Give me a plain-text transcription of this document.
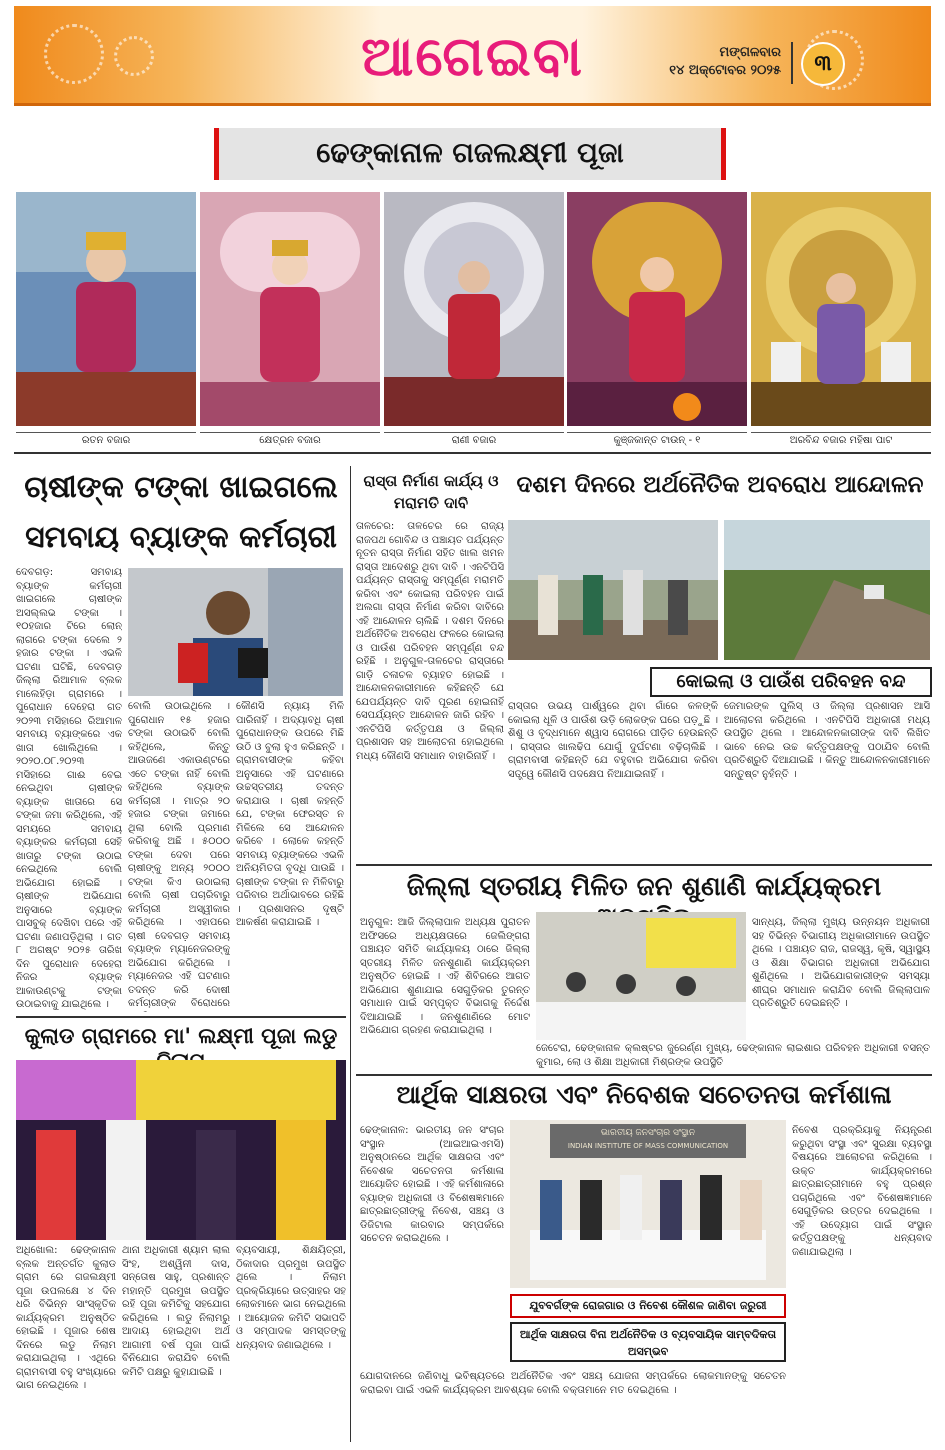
ଆଗେଇବା	ମଙ୍ଗଳବାର
୧୪ ଅକ୍ଟୋବର ୨୦୨୫	୩
ଢେଙ୍କାନାଳ ଗଜଲକ୍ଷ୍ମୀ ପୂଜା
ରତନ ବଜାର	କ୍ଷେତ୍ରନ ବଜାର	ରାଣୀ ବଜାର	କୁଞ୍ଜକାନ୍ତ ଟାଉନ୍ - ୧	ଅରବିନ୍ଦ ବଜାର ମହିଷା ପାଟ
ଚାଷୀଙ୍କ ଟଙ୍କା ଖାଇଗଲେ
ସମବାୟ ବ୍ୟାଙ୍କ କର୍ମଚାରୀ
ଦେବଗଡ଼: ସମବାୟ ବ୍ୟାଙ୍କ କର୍ମଚାରୀ ଖାଇଗଲେ ଚାଷୀଙ୍କ ଅସଲ୍ଲଭ ଟଙ୍କା । ୧୦ହଜାର ଟିରେ ଲୋନ୍ ଲାଗରେ ଟଙ୍କା ଦେଲେ ୨ ହଜାର ଟଙ୍କା । ଏଭଳି ଘଟଣା ଘଟିଛି, ଦେବଗଡ଼ ଜିଲ୍ଲା ରିଆମାଳ ବ୍ଲକ ମାଲେହିଡ଼ା ଗ୍ରାମରେ । ପୁରୋଧାନ ଦେହେରା ଗତ ୨୦୨୩ ମସିହାରେ ରିଆମାଳ ସମବାୟ ବ୍ୟାଙ୍କରେ ଏକ ଖାତା ଖୋଲିଥିଲେ । ୨୦୨୦.୦୮.୨୦୨୩ ମସିହାରେ ଗାଈ ବେଇ ନେଇଥିବା ଚାଷୀଙ୍କ ବ୍ୟାଙ୍କ ଖାତାରେ ସେ ଟଙ୍କା ଜମା କରିଥିଲେ, ଏହି ସମୟରେ ସମବାୟ ବ୍ୟାଙ୍କର କର୍ମଚାରୀ ସେହି ଖାତାରୁ ଟଙ୍କା ଉଠାଇ ନେଇଥିଲେ ବୋଲି ଅଭିଯୋଗ ହୋଇଛି । ଚାଷୀଙ୍କ ଅଭିଯୋଗ ଅନୁସାରେ ବ୍ୟାଙ୍କ ପାସବୁକ୍ ଦେଖିବା ପରେ ଏହି ଘଟଣା ଜଣାପଡ଼ିଥିଲା । ଗତ ୮ ଅଗଷ୍ଟ ୨୦୨୫ ତାରିଖ ଦିନ ପୁରୋଧାନ ଦେହେରା ନିଜର ବ୍ୟାଙ୍କ ଆକାଉଣ୍ଟକୁ ଟଙ୍କା ଉଠାଇବାକୁ ଯାଇଥିଲେ ।
ବୋଲି ଉଠାଇଥିଲେ । ପୁରୋଧାନ ୧୫ ହଜାର ଟଙ୍କା ଉଠାଇବି ବୋଲି କହିଥିଲେ, କିନ୍ତୁ ଆଉଜଣେ ଏକାଉଣ୍ଟରେ ଏତେ ଟଙ୍କା ନାହିଁ ବୋଲି କହିଥିଲେ ବ୍ୟାଙ୍କ କର୍ମଚାରୀ । ମାତ୍ର ୨୦ ହଜାର ଟଙ୍କା ଜମାରେ ଥିଲା ବୋଲି ପ୍ରମାଣ କରିବାକୁ ଅଛି । ୫୦୦୦ ଟଙ୍କା ଦେବା ପରେ ଚାଷୀଙ୍କୁ ଅନ୍ୟ ୨୦୦୦ ଟଙ୍କା କିଏ ଉଠାଇଲା ବୋଲି ଚାଷୀ ପଚାରିବାରୁ କର୍ମଚାରୀ ଅସ୍ୱୀକାର କରିଥିଲେ । ଏହାପରେ ଚାଷୀ ଦେବଗଡ଼ ସମବାୟ ବ୍ୟାଙ୍କ ମ୍ୟାନେଜରଙ୍କୁ ଅଭିଯୋଗ କରିଥିଲେ । ମ୍ୟାନେଜର ଏହି ଘଟଣାର ତଦନ୍ତ କରି ଦୋଷୀ କର୍ମଚାରୀଙ୍କ ବିରୋଧରେ
କୌଣସି ନ୍ୟାୟ ମିଳି ପାରିନାହିଁ । ଅଦ୍ୟାବଧି ଚାଷୀ ପୁରୋଧାନଙ୍କ ଉପରେ ମିଛି ଉଠି ଓ ବୁଲା ହୁଏ କରିଛନ୍ତି । ଗ୍ରାମବାସୀଙ୍କ କହିବା ଅନୁସାରେ ଏହି ଘଟଣାରେ ଉଚ୍ଚସ୍ତରୀୟ ତଦନ୍ତ କରାଯାଉ । ଚାଷୀ କହନ୍ତି ଯେ, ଟଙ୍କା ଫେରସ୍ତ ନ ମିଳିଲେ ସେ ଆନ୍ଦୋଳନ କରିବେ । ଲୋକେ କହନ୍ତି ସମବାୟ ବ୍ୟାଙ୍କରେ ଏଭଳି ଅନିୟମିତତା ବୃଦ୍ଧି ପାଉଛି । ଚାଷୀଙ୍କ ଟଙ୍କା ନ ମିଳିବାରୁ ପରିବାର ଅର୍ଥାଭାବରେ ରହିଛି । ପ୍ରଶାସନର ଦୃଷ୍ଟି ଆକର୍ଷଣ କରାଯାଇଛି ।
ରାସ୍ତା ନିର୍ମାଣ କାର୍ଯ୍ୟ ଓ ମରାମତି ଦାବି
ତାଳଚେର: ତାଳଚେର ରେ ରାଜ୍ୟ ରାଜପଥ ଗୋବିନ୍ଦ ଓ ପଞ୍ଚାୟତ ପର୍ଯ୍ୟନ୍ତ ନୂତନ ରାସ୍ତା ନିର୍ମାଣ ସହିତ ଖାଲ ଖମନ ରାସ୍ତା ଆଦେଶରୁ ଥିବା ଦାବି । ଏନଟିପିସି ପର୍ଯ୍ୟନ୍ତ ରାସ୍ତାକୁ ସମ୍ପୂର୍ଣ୍ଣ ମରାମତି କରିବା ଏବଂ କୋଇଲା ପରିବହନ ପାଇଁ ଅଲଗା ରାସ୍ତା ନିର୍ମାଣ କରିବା ଦାବିରେ ଏହି ଆନ୍ଦୋଳନ ଚାଲିଛି । ଦଶମ ଦିନରେ ଅର୍ଥନୈତିକ ଅବରୋଧ ଫଳରେ କୋଇଲା ଓ ପାଉଁଶ ପରିବହନ ସମ୍ପୂର୍ଣ୍ଣ ବନ୍ଦ ରହିଛି । ଅନୁଗୁଳ-ତାଳଚେର ରାସ୍ତାରେ ଗାଡ଼ି ଚଳାଚଳ ବ୍ୟାହତ ହୋଇଛି । ଆନ୍ଦୋଳନକାରୀମାନେ କହିଛନ୍ତି ଯେ ଯେପର୍ଯ୍ୟନ୍ତ ଦାବି ପୂରଣ ହୋଇନାହିଁ ସେପର୍ଯ୍ୟନ୍ତ ଆନ୍ଦୋଳନ ଜାରି ରହିବ । ଏନଟିପିସି କର୍ତ୍ତୃପକ୍ଷ ଓ ଜିଲ୍ଲା ପ୍ରଶାସନ ସହ ଆଲୋଚନା ହୋଇଥିଲେ ମଧ୍ୟ କୌଣସି ସମାଧାନ ବାହାରିନାହିଁ ।
ଦଶମ ଦିନରେ ଅର୍ଥନୈତିକ ଅବରୋଧ ଆନ୍ଦୋଳନ
କୋଇଲା ଓ ପାଉଁଶ ପରିବହନ ବନ୍ଦ
ରାସ୍ତାର ଉଭୟ ପାର୍ଶ୍ୱରେ ଥିବା ଗାଁରେ କଳଙ୍କି କୋଇଲା ଧୂଳି ଓ ପାଉଁଶ ଉଡ଼ି ଲୋକଙ୍କ ଘରେ ପଡ଼ୁଛି । ଶିଶୁ ଓ ବୃଦ୍ଧମାନେ ଶ୍ୱାସ ରୋଗରେ ପୀଡ଼ିତ ହେଉଛନ୍ତି । ରାସ୍ତାର ଖାଲଢିପ ଯୋଗୁଁ ଦୁର୍ଘଟଣା ବଢ଼ିଚାଲିଛି । ଗ୍ରାମବାସୀ କହିଛନ୍ତି ଯେ ବହୁବାର ଅଭିଯୋଗ କରିବା ସତ୍ତ୍ୱେ କୌଣସି ପଦକ୍ଷେପ ନିଆଯାଇନାହିଁ ।
ଜେମାରଙ୍କ ପୁଲିସ୍ ଓ ଜିଲ୍ଲା ପ୍ରଶାସନ ଆସି ଆଲୋଚନା କରିଥିଲେ । ଏନଟିପିସି ଅଧିକାରୀ ମଧ୍ୟ ଉପସ୍ଥିତ ଥିଲେ । ଆନ୍ଦୋଳନକାରୀଙ୍କ ଦାବି ଲିଖିତ ଭାବେ ନେଇ ଉଚ୍ଚ କର୍ତ୍ତୃପକ୍ଷଙ୍କୁ ପଠାଯିବ ବୋଲି ପ୍ରତିଶ୍ରୁତି ଦିଆଯାଇଛି । କିନ୍ତୁ ଆନ୍ଦୋଳନକାରୀମାନେ ସନ୍ତୁଷ୍ଟ ନୁହଁନ୍ତି ।
ଜିଲ୍ଲା ସ୍ତରୀୟ ମିଳିତ ଜନ ଶୁଣାଣି କାର୍ଯ୍ୟକ୍ରମ
ଅନୁଗୁଳ: ଆଜି ଜିଲ୍ଲାପାଳ ଅଧ୍ୟକ୍ଷ ପୁରାତନ ଅଫିସରେ ଅଧ୍ୟକ୍ଷତାରେ ଜେଲିଙ୍ଗରା ପଞ୍ଚାୟତ ସମିତି କାର୍ଯ୍ୟାଳୟ ଠାରେ ଜିଲ୍ଲା ସ୍ତରୀୟ ମିଳିତ ଜନଶୁଣାଣି କାର୍ଯ୍ୟକ୍ରମ ଅନୁଷ୍ଠିତ ହୋଇଛି । ଏହି ଶିବିରରେ ଆଗତ ଅଭିଯୋଗ ଶୁଣାଯାଇ ସେଗୁଡ଼ିକର ତୁରନ୍ତ ସମାଧାନ ପାଇଁ ସମ୍ପୃକ୍ତ ବିଭାଗକୁ ନିର୍ଦ୍ଦେଶ ଦିଆଯାଇଛି । ଜନଶୁଣାଣିରେ ମୋଟ ଅଭିଯୋଗ ଗ୍ରହଣ କରାଯାଇଥିଲା ।
ସାନ୍ଧ୍ୟ, ଜିଲ୍ଲା ମୁଖ୍ୟ ଉନ୍ନୟନ ଅଧିକାରୀ ସହ ବିଭିନ୍ନ ବିଭାଗୀୟ ଅଧିକାରୀମାନେ ଉପସ୍ଥିତ ଥିଲେ । ପଞ୍ଚାୟତ ରାଜ, ରାଜସ୍ୱ, କୃଷି, ସ୍ୱାସ୍ଥ୍ୟ ଓ ଶିକ୍ଷା ବିଭାଗର ଅଧିକାରୀ ଅଭିଯୋଗ ଶୁଣିଥିଲେ । ଅଭିଯୋଗକାରୀଙ୍କ ସମସ୍ୟା ଶୀଘ୍ର ସମାଧାନ କରାଯିବ ବୋଲି ଜିଲ୍ଲାପାଳ ପ୍ରତିଶ୍ରୁତି ଦେଇଛନ୍ତି ।
ଜେଟେରା, ଢେଙ୍କାନାଳ କ୍ଲଷ୍ଟର ଜୁରେର୍ଣ୍ଣ ମୁଖ୍ୟ, ଢେଙ୍କାନାଳ ଲାଇଶାର ପରିବହନ ଅଧିକାରୀ ବସନ୍ତ କୁମାର, ଲୋ ଓ ଶିକ୍ଷା ଅଧିକାରୀ ମିଶ୍ରଙ୍କ ଉପସ୍ଥିତି
କୁଲାଡ ଗ୍ରାମରେ ମା' ଲକ୍ଷ୍ମୀ ପୂଜା ଲଡୁ
ଅଧିଖୋଲ: ଢେଙ୍କାନାଳ ବ୍ଲକ ଅନ୍ତର୍ଗତ କୁଲାଡ ଗ୍ରାମ ରେ ଗଜଲକ୍ଷ୍ମୀ ପୂଜା ଉପଲକ୍ଷେ ୪ ଦିନ ଧରି ବିଭିନ୍ନ ସାଂସ୍କୃତିକ କାର୍ଯ୍ୟକ୍ରମ ଅନୁଷ୍ଠିତ ହୋଇଛି । ପୂଜାର ଶେଷ ଦିନରେ ଲଡୁ ନିଲାମ କରାଯାଇଥିଲା । ଏଥିରେ ଗ୍ରାମବାସୀ ବହୁ ସଂଖ୍ୟାରେ ଭାଗ ନେଇଥିଲେ ।
ଥାନା ଅଧିକାରୀ ଶ୍ୟାମ ଲାଲ ସିଂହ, ଅଶ୍ୱିନୀ ଦାସ, ସନ୍ତୋଷ ସାହୁ, ପ୍ରଶାନ୍ତ ମହାନ୍ତି ପ୍ରମୁଖ ଉପସ୍ଥିତ ରହି ପୂଜା କମିଟିକୁ ସହଯୋଗ କରିଥିଲେ । ଲଡୁ ନିଲାମରୁ ଆଦାୟ ହୋଇଥିବା ଅର୍ଥ ଆଗାମୀ ବର୍ଷ ପୂଜା ପାଇଁ ବିନିଯୋଗ କରାଯିବ ବୋଲି କମିଟି ପକ୍ଷରୁ କୁହାଯାଇଛି ।
ବ୍ୟବସାୟୀ, ଶିକ୍ଷୟିତ୍ରୀ, ଠିକାଦାର ପ୍ରମୁଖ ଉପସ୍ଥିତ ଥିଲେ । ନିଲାମ ପ୍ରକ୍ରିୟାରେ ଉତ୍ସାହର ସହ ଲୋକମାନେ ଭାଗ ନେଇଥିଲେ । ଆୟୋଜକ କମିଟି ସଭାପତି ଓ ସମ୍ପାଦକ ସମସ୍ତଙ୍କୁ ଧନ୍ୟବାଦ ଜଣାଇଥିଲେ ।
ଆର୍ଥିକ ସାକ୍ଷରତା ଏବଂ ନିବେଶକ ସଚେତନତା କର୍ମଶାଳା
ଢେଙ୍କାନାଳ: ଭାରତୀୟ ଜନ ସଂଚାର ସଂସ୍ଥାନ (ଆଇଆଇଏମସି) ଅନୁଷ୍ଠାନରେ ଆର୍ଥିକ ସାକ୍ଷରତା ଏବଂ ନିବେଶକ ସଚେତନତା କର୍ମଶାଳା ଆୟୋଜିତ ହୋଇଛି । ଏହି କର୍ମଶାଳାରେ ବ୍ୟାଙ୍କ ଅଧିକାରୀ ଓ ବିଶେଷଜ୍ଞମାନେ ଛାତ୍ରଛାତ୍ରୀଙ୍କୁ ନିବେଶ, ସଞ୍ଚୟ ଓ ଡିଜିଟାଲ କାରବାର ସମ୍ପର୍କରେ ସଚେତନ କରାଇଥିଲେ ।
ଭାରତୀୟ ଜନସଂଚାର ସଂସ୍ଥାନ
INDIAN INSTITUTE OF MASS COMMUNICATION
ଯୁବବର୍ଗଙ୍କ ରୋଜଗାର ଓ ନିବେଶ କୌଶଳ ଜାଣିବା ଜରୁରୀ
ଆର୍ଥିକ ସାକ୍ଷରତା ବିନା ଅର୍ଥନୈତିକ ଓ ବ୍ୟବସାୟିକ ସାମ୍ବଦିକତା ଅସମ୍ଭବ
ନିବେଶ ପ୍ରକ୍ରିୟାକୁ ନିୟନ୍ତ୍ରଣ କରୁଥିବା ସଂସ୍ଥା ଏବଂ ସୁରକ୍ଷା ବ୍ୟବସ୍ଥା ବିଷୟରେ ଆଲୋଚନା କରିଥିଲେ । ଉକ୍ତ କାର୍ଯ୍ୟକ୍ରମରେ ଛାତ୍ରଛାତ୍ରୀମାନେ ବହୁ ପ୍ରଶ୍ନ ପଚାରିଥିଲେ ଏବଂ ବିଶେଷଜ୍ଞମାନେ ସେଗୁଡ଼ିକର ଉତ୍ତର ଦେଇଥିଲେ । ଏହି ଉଦ୍ୟୋଗ ପାଇଁ ସଂସ୍ଥାନ କର୍ତ୍ତୃପକ୍ଷଙ୍କୁ ଧନ୍ୟବାଦ ଜଣାଯାଇଥିଲା ।
ଯୋଗଦାନରେ ଜଣିବାଧୁ ଭବିଷ୍ୟତରେ ଅର୍ଥନୈତିକ ଏବଂ ସଞ୍ଚୟ ଯୋଜନା ସମ୍ପର୍କରେ ଲୋକମାନଙ୍କୁ ସଚେତନ କରାଇବା ପାଇଁ ଏଭଳି କାର୍ଯ୍ୟକ୍ରମ ଆବଶ୍ୟକ ବୋଲି ବକ୍ତାମାନେ ମତ ଦେଇଥିଲେ ।
